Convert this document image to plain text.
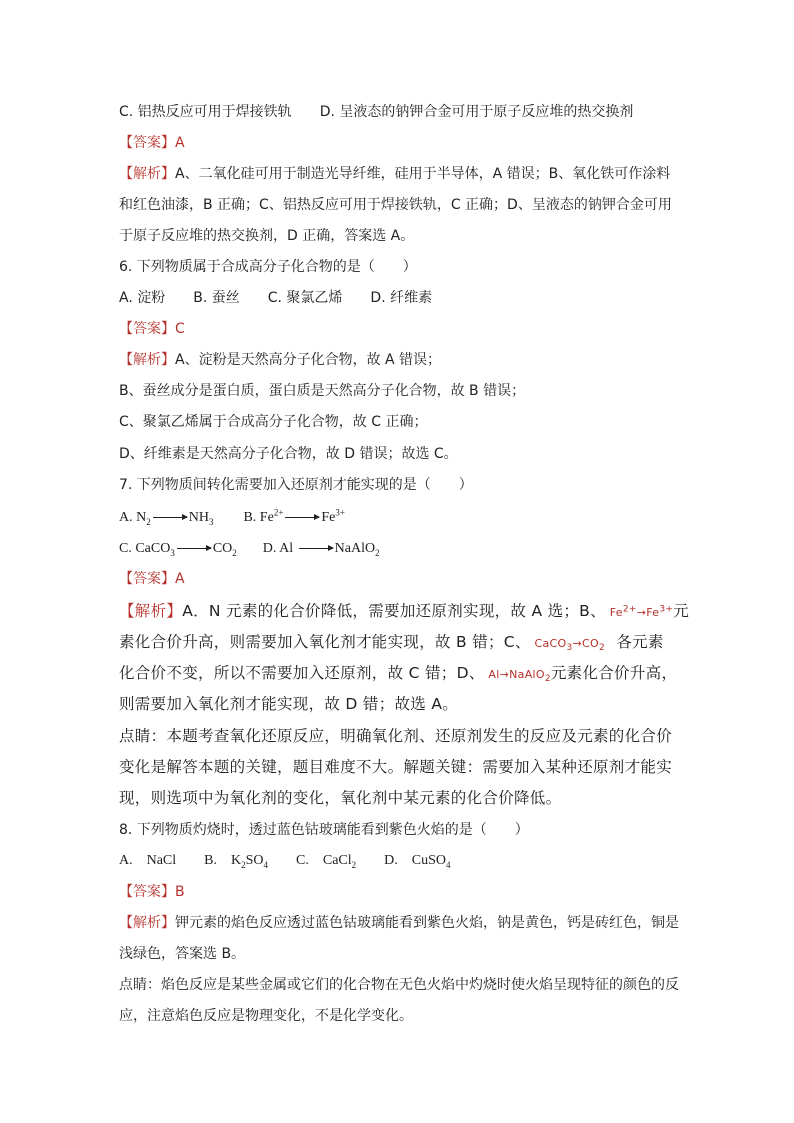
C. 铝热反应可用于焊接铁轨 D. 呈液态的钠钾合金可用于原子反应堆的热交换剂
【答案】A
【解析】A、二氧化硅可用于制造光导纤维，硅用于半导体，A 错误；B、氧化铁可作涂料
和红色油漆，B 正确；C、铝热反应可用于焊接铁轨，C 正确；D、呈液态的钠钾合金可用
于原子反应堆的热交换剂，D 正确，答案选 A。
6. 下列物质属于合成高分子化合物的是（　　）
A. 淀粉　　B. 蚕丝　　C. 聚氯乙烯　　D. 纤维素
【答案】C
【解析】A、淀粉是天然高分子化合物，故 A 错误；
B、蚕丝成分是蛋白质，蛋白质是天然高分子化合物，故 B 错误；
C、聚氯乙烯属于合成高分子化合物，故 C 正确；
D、纤维素是天然高分子化合物，故 D 错误；故选 C。
7. 下列物质间转化需要加入还原剂才能实现的是（　　）
A. $N_2$	$NH_3$ B. $Fe^{2+}$	$Fe^{3+}$
C. CaCO$_3$	$CO_2$ D. Al	NaAlO$_2$
【答案】A
【解析】A．N 元素的化合价降低，需要加还原剂实现，故 A 选；B、 $Fe^{2+}\to Fe^{3+}$元
素化合价升高，则需要加入氧化剂才能实现，故 B 错；C、 $CaCO_3\to CO_2$　 各元素
化合价不变，所以不需要加入还原剂，故 C 错；D、 Al→NaAlO$_2$元素化合价升高，
则需要加入氧化剂才能实现，故 D 错；故选 A。
点睛：本题考查氧化还原反应，明确氧化剂、还原剂发生的反应及元素的化合价
变化是解答本题的关键，题目难度不大。解题关键：需要加入某种还原剂才能实
现，则选项中为氧化剂的变化，氧化剂中某元素的化合价降低。
8. 下列物质灼烧时，透过蓝色钴玻璃能看到紫色火焰的是（　　）
A.　NaCl　　B.　$K_2SO_4$　　C.　CaCl$_2$　　D.　CuSO$_4$
【答案】B
【解析】钾元素的焰色反应透过蓝色钴玻璃能看到紫色火焰，钠是黄色，钙是砖红色，铜是
浅绿色，答案选 B。
点睛：焰色反应是某些金属或它们的化合物在无色火焰中灼烧时使火焰呈现特征的颜色的反
应，注意焰色反应是物理变化，不是化学变化。
